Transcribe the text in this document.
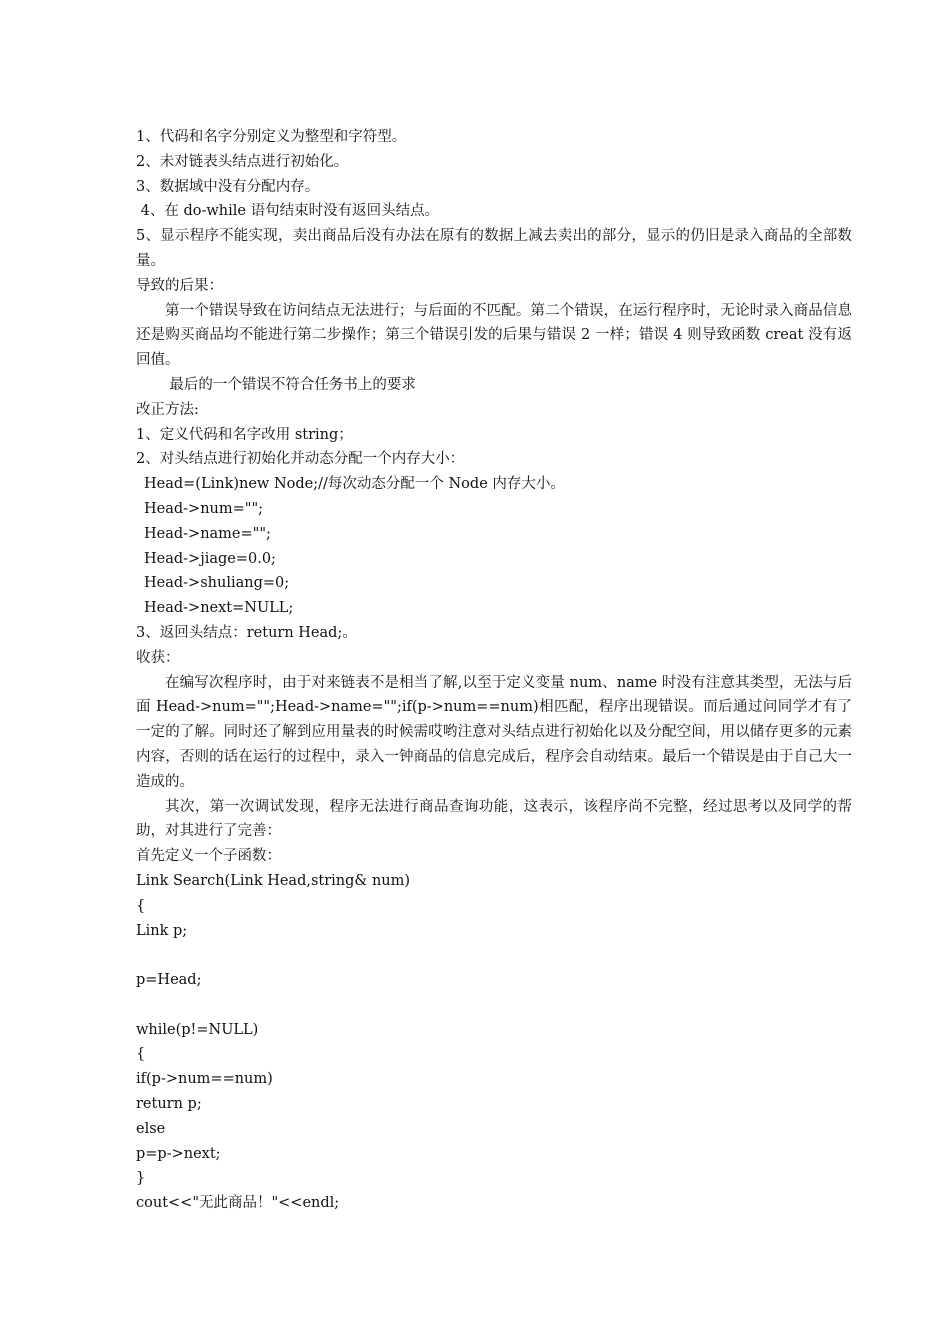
1、代码和名字分别定义为整型和字符型。
2、未对链表头结点进行初始化。
3、数据域中没有分配内存。
4、在 do-while 语句结束时没有返回头结点。
5、显示程序不能实现，卖出商品后没有办法在原有的数据上减去卖出的部分，显示的仍旧是录入商品的全部数量。
导致的后果：
第一个错误导致在访问结点无法进行；与后面的不匹配。第二个错误，在运行程序时，无论时录入商品信息还是购买商品均不能进行第二步操作；第三个错误引发的后果与错误 2 一样；错误 4 则导致函数 creat 没有返回值。
最后的一个错误不符合任务书上的要求
改正方法:
1、定义代码和名字改用 string；
2、对头结点进行初始化并动态分配一个内存大小：
Head=(Link)new Node;//每次动态分配一个 Node 内存大小。
Head->num="";
Head->name="";
Head->jiage=0.0;
Head->shuliang=0;
Head->next=NULL;
3、返回头结点：return Head;。
收获：
在编写次程序时，由于对来链表不是相当了解,以至于定义变量 num、name 时没有注意其类型，无法与后面 Head->num="";Head->name="";if(p->num==num)相匹配，程序出现错误。而后通过问同学才有了一定的了解。同时还了解到应用量表的时候需哎哟注意对头结点进行初始化以及分配空间，用以储存更多的元素内容，否则的话在运行的过程中，录入一钟商品的信息完成后，程序会自动结束。最后一个错误是由于自己大一造成的。
其次，第一次调试发现，程序无法进行商品查询功能，这表示，该程序尚不完整，经过思考以及同学的帮助，对其进行了完善：
首先定义一个子函数：
Link Search(Link Head,string& num)
{
Link p;
p=Head;
while(p!=NULL)
{
if(p->num==num)
return p;
else
p=p->next;
}
cout<<"无此商品！"<<endl;
